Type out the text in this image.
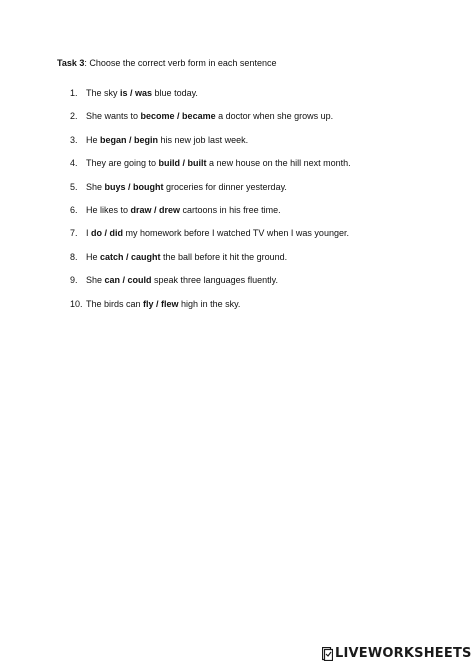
Task 3: Choose the correct verb form in each sentence
1. The sky is / was blue today.
2. She wants to become / became a doctor when she grows up.
3. He began / begin his new job last week.
4. They are going to build / built a new house on the hill next month.
5. She buys / bought groceries for dinner yesterday.
6. He likes to draw / drew cartoons in his free time.
7. I do / did my homework before I watched TV when I was younger.
8. He catch / caught the ball before it hit the ground.
9. She can / could speak three languages fluently.
10. The birds can fly / flew high in the sky.
LIVEWORKSHEETS
